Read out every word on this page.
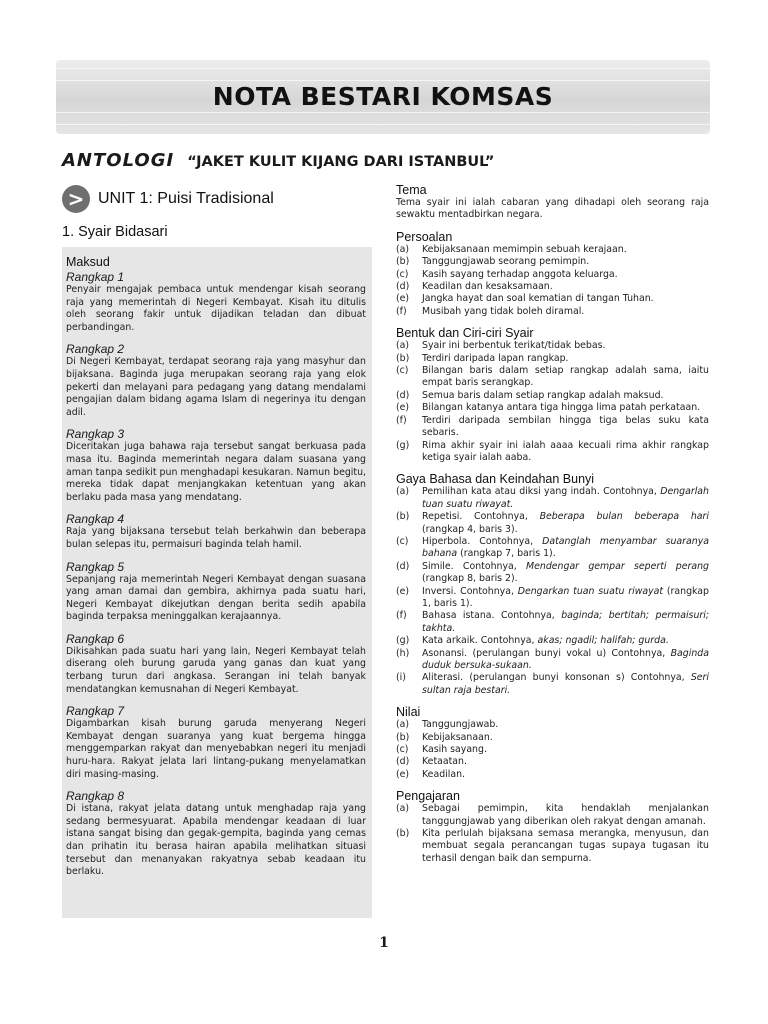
NOTA BESTARI KOMSAS
ANTOLOGI “JAKET KULIT KIJANG DARI ISTANBUL”
> UNIT 1: Puisi Tradisional
1. Syair Bidasari
Maksud
Rangkap 1
Penyair mengajak pembaca untuk mendengar kisah seorang raja yang memerintah di Negeri Kembayat. Kisah itu ditulis oleh seorang fakir untuk dijadikan teladan dan dibuat perbandingan.
Rangkap 2
Di Negeri Kembayat, terdapat seorang raja yang masyhur dan bijaksana. Baginda juga merupakan seorang raja yang elok pekerti dan melayani para pedagang yang datang mendalami pengajian dalam bidang agama Islam di negerinya itu dengan adil.
Rangkap 3
Diceritakan juga bahawa raja tersebut sangat berkuasa pada masa itu. Baginda memerintah negara dalam suasana yang aman tanpa sedikit pun menghadapi kesukaran. Namun begitu, mereka tidak dapat menjangkakan ketentuan yang akan berlaku pada masa yang mendatang.
Rangkap 4
Raja yang bijaksana tersebut telah berkahwin dan beberapa bulan selepas itu, permaisuri baginda telah hamil.
Rangkap 5
Sepanjang raja memerintah Negeri Kembayat dengan suasana yang aman damai dan gembira, akhirnya pada suatu hari, Negeri Kembayat dikejutkan dengan berita sedih apabila baginda terpaksa meninggalkan kerajaannya.
Rangkap 6
Dikisahkan pada suatu hari yang lain, Negeri Kembayat telah diserang oleh burung garuda yang ganas dan kuat yang terbang turun dari angkasa. Serangan ini telah banyak mendatangkan kemusnahan di Negeri Kembayat.
Rangkap 7
Digambarkan kisah burung garuda menyerang Negeri Kembayat dengan suaranya yang kuat bergema hingga menggemparkan rakyat dan menyebabkan negeri itu menjadi huru-hara. Rakyat jelata lari lintang-pukang menyelamatkan diri masing-masing.
Rangkap 8
Di istana, rakyat jelata datang untuk menghadap raja yang sedang bermesyuarat. Apabila mendengar keadaan di luar istana sangat bising dan gegak-gempita, baginda yang cemas dan prihatin itu berasa hairan apabila melihatkan situasi tersebut dan menanyakan rakyatnya sebab keadaan itu berlaku.
Tema
Tema syair ini ialah cabaran yang dihadapi oleh seorang raja sewaktu mentadbirkan negara.
Persoalan
(a)	Kebijaksanaan memimpin sebuah kerajaan.
(b)	Tanggungjawab seorang pemimpin.
(c)	Kasih sayang terhadap anggota keluarga.
(d)	Keadilan dan kesaksamaan.
(e)	Jangka hayat dan soal kematian di tangan Tuhan.
(f)	Musibah yang tidak boleh diramal.
Bentuk dan Ciri-ciri Syair
(a)	Syair ini berbentuk terikat/tidak bebas.
(b)	Terdiri daripada lapan rangkap.
(c)	Bilangan baris dalam setiap rangkap adalah sama, iaitu empat baris serangkap.
(d)	Semua baris dalam setiap rangkap adalah maksud.
(e)	Bilangan katanya antara tiga hingga lima patah perkataan.
(f)	Terdiri daripada sembilan hingga tiga belas suku kata sebaris.
(g)	Rima akhir syair ini ialah aaaa kecuali rima akhir rangkap ketiga syair ialah aaba.
Gaya Bahasa dan Keindahan Bunyi
(a)	Pemilihan kata atau diksi yang indah. Contohnya, Dengarlah tuan suatu riwayat.
(b)	Repetisi. Contohnya, Beberapa bulan beberapa hari (rangkap 4, baris 3).
(c)	Hiperbola. Contohnya, Datanglah menyambar suaranya bahana (rangkap 7, baris 1).
(d)	Simile. Contohnya, Mendengar gempar seperti perang (rangkap 8, baris 2).
(e)	Inversi. Contohnya, Dengarkan tuan suatu riwayat (rangkap 1, baris 1).
(f)	Bahasa istana. Contohnya, baginda; bertitah; permaisuri; takhta.
(g)	Kata arkaik. Contohnya, akas; ngadil; halifah; gurda.
(h)	Asonansi. (perulangan bunyi vokal u) Contohnya, Baginda duduk bersuka-sukaan.
(i)	Aliterasi. (perulangan bunyi konsonan s) Contohnya, Seri sultan raja bestari.
Nilai
(a)	Tanggungjawab.
(b)	Kebijaksanaan.
(c)	Kasih sayang.
(d)	Ketaatan.
(e)	Keadilan.
Pengajaran
(a)	Sebagai pemimpin, kita hendaklah menjalankan tanggungjawab yang diberikan oleh rakyat dengan amanah.
(b)	Kita perlulah bijaksana semasa merangka, menyusun, dan membuat segala perancangan tugas supaya tugasan itu terhasil dengan baik dan sempurna.
1
